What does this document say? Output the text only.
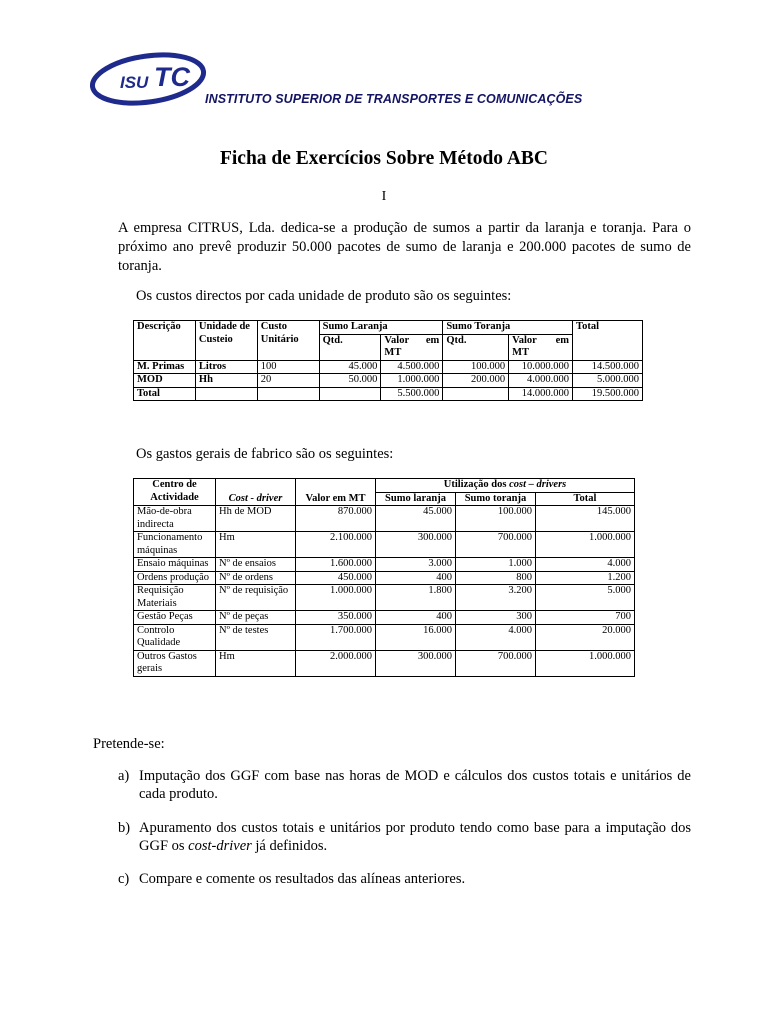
ISU TC
INSTITUTO SUPERIOR DE TRANSPORTES E COMUNICAÇÕES
Ficha de Exercícios Sobre Método ABC
I
A empresa CITRUS, Lda. dedica-se a produção de sumos a partir da laranja e toranja. Para o próximo ano prevê produzir 50.000 pacotes de sumo de laranja e 200.000 pacotes de sumo de toranja.
Os custos directos por cada unidade de produto são os seguintes:
Descrição	Unidade de Custeio	Custo Unitário	Sumo Laranja		Sumo Toranja		Total
			Qtd.	Valor em MT	Qtd.	Valor em MT	
M. Primas	Litros	100	45.000	4.500.000	100.000	10.000.000	14.500.000
MOD	Hh	20	50.000	1.000.000	200.000	4.000.000	5.000.000
Total				5.500.000		14.000.000	19.500.000
Os gastos gerais de fabrico são os seguintes:
Centro de Actividade	Cost - driver	Valor em MT	Utilização dos cost – drivers		
			Sumo laranja	Sumo toranja	Total
Mão-de-obra indirecta	Hh de MOD	870.000	45.000	100.000	145.000
Funcionamento máquinas	Hm	2.100.000	300.000	700.000	1.000.000
Ensaio máquinas	Nº de ensaios	1.600.000	3.000	1.000	4.000
Ordens produção	Nº de ordens	450.000	400	800	1.200
Requisição Materiais	Nº de requisição	1.000.000	1.800	3.200	5.000
Gestão Peças	Nº de peças	350.000	400	300	700
Controlo Qualidade	Nº de testes	1.700.000	16.000	4.000	20.000
Outros Gastos gerais	Hm	2.000.000	300.000	700.000	1.000.000
Pretende-se:
a) Imputação dos GGF com base nas horas de MOD e cálculos dos custos totais e unitários de cada produto.
b) Apuramento dos custos totais e unitários por produto tendo como base para a imputação dos GGF os cost-driver já definidos.
c) Compare e comente os resultados das alíneas anteriores.
